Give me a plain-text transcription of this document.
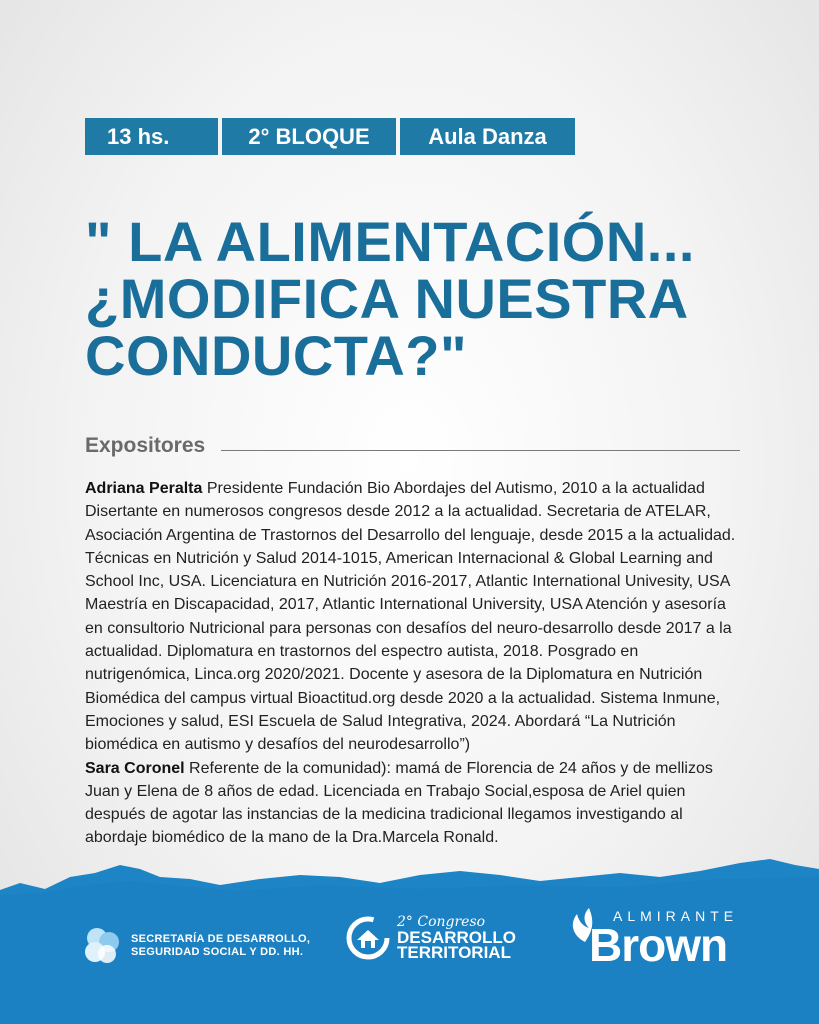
13 hs.	2° BLOQUE	Aula Danza
" LA ALIMENTACIÓN...
¿MODIFICA NUESTRA
CONDUCTA?"
Expositores
Adriana Peralta Presidente Fundación Bio Abordajes del Autismo, 2010 a la actualidad Disertante en numerosos congresos desde 2012 a la actualidad. Secretaria de ATELAR, Asociación Argentina de Trastornos del Desarrollo del lenguaje, desde 2015 a la actualidad. Técnicas en Nutrición y Salud 2014-1015, American Internacional & Global Learning and School Inc, USA. Licenciatura en Nutrición 2016-2017, Atlantic International Univesity, USA Maestría en Discapacidad, 2017, Atlantic International University, USA Atención y asesoría en consultorio Nutricional para personas con desafíos del neuro-desarrollo desde 2017 a la actualidad. Diplomatura en trastornos del espectro autista, 2018. Posgrado en nutrigenómica, Linca.org 2020/2021. Docente y asesora de la Diplomatura en Nutrición Biomédica del campus virtual Bioactitud.org desde 2020 a la actualidad. Sistema Inmune, Emociones y salud, ESI Escuela de Salud Integrativa, 2024. Abordará “La Nutrición biomédica en autismo y desafíos del neurodesarrollo”)
Sara Coronel Referente de la comunidad): mamá de Florencia de 24 años y de mellizos Juan y Elena de 8 años de edad. Licenciada en Trabajo Social,esposa de Ariel quien después de agotar las instancias de la medicina tradicional llegamos investigando al abordaje biomédico de la mano de la Dra.Marcela Ronald.
SECRETARÍA DE DESARROLLO,
SEGURIDAD SOCIAL Y DD. HH.
2° Congreso
DESARROLLO
TERRITORIAL
ALMIRANTE
Brown
